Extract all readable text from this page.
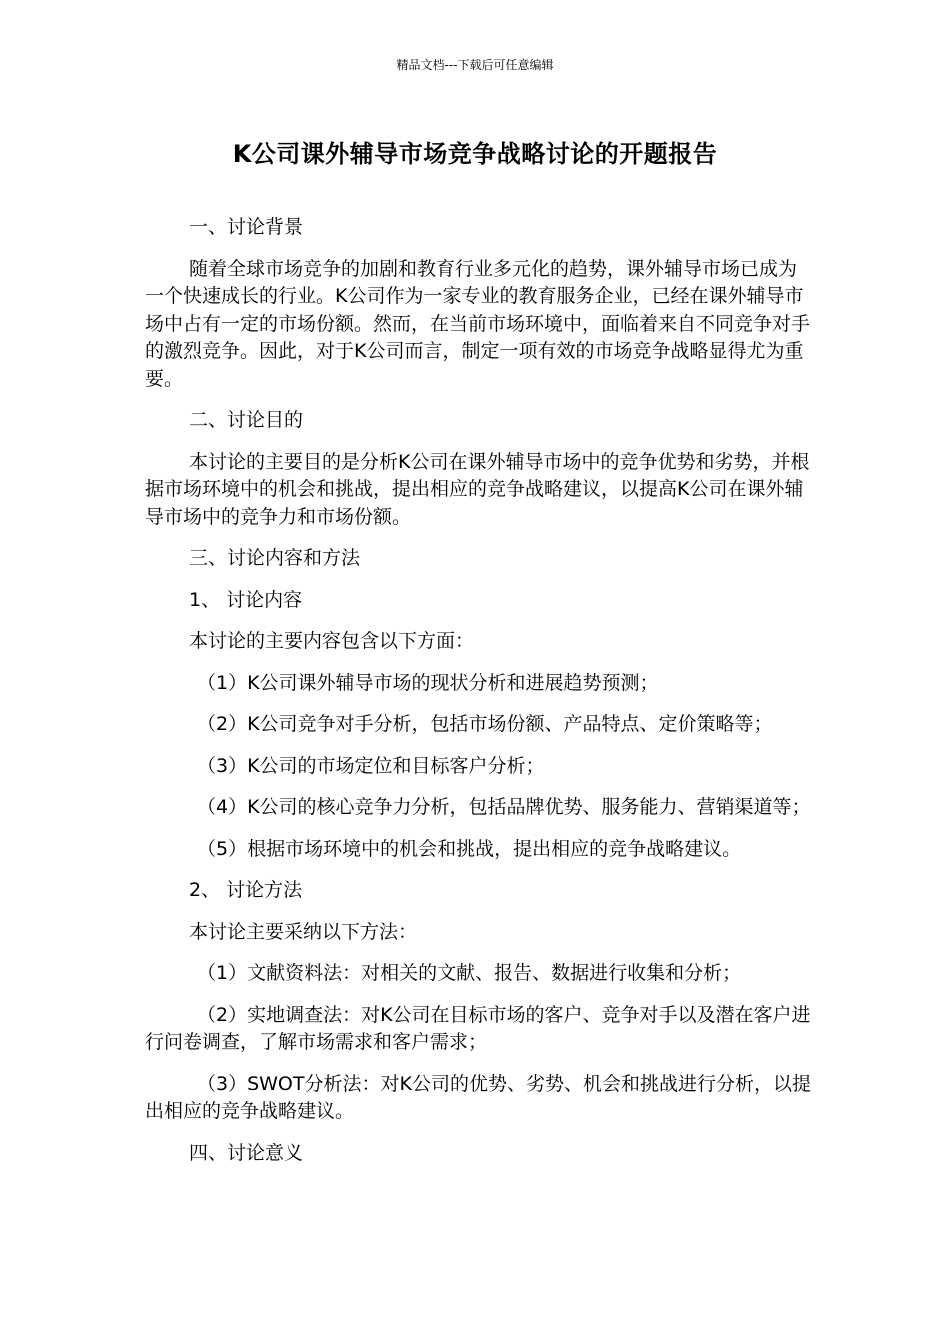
精品文档---下载后可任意编辑
K公司课外辅导市场竞争战略讨论的开题报告

一、讨论背景

随着全球市场竞争的加剧和教育行业多元化的趋势，课外辅导市场已成为一个快速成长的行业。K公司作为一家专业的教育服务企业，已经在课外辅导市场中占有一定的市场份额。然而，在当前市场环境中，面临着来自不同竞争对手的激烈竞争。因此，对于K公司而言，制定一项有效的市场竞争战略显得尤为重要。

二、讨论目的

本讨论的主要目的是分析K公司在课外辅导市场中的竞争优势和劣势，并根据市场环境中的机会和挑战，提出相应的竞争战略建议，以提高K公司在课外辅导市场中的竞争力和市场份额。

三、讨论内容和方法

1、 讨论内容

本讨论的主要内容包含以下方面：

（1）K公司课外辅导市场的现状分析和进展趋势预测；

（2）K公司竞争对手分析，包括市场份额、产品特点、定价策略等；

（3）K公司的市场定位和目标客户分析；

（4）K公司的核心竞争力分析，包括品牌优势、服务能力、营销渠道等；

（5）根据市场环境中的机会和挑战，提出相应的竞争战略建议。

2、 讨论方法

本讨论主要采纳以下方法：

（1）文献资料法：对相关的文献、报告、数据进行收集和分析；

（2）实地调查法：对K公司在目标市场的客户、竞争对手以及潜在客户进行问卷调查，了解市场需求和客户需求；

（3）SWOT分析法：对K公司的优势、劣势、机会和挑战进行分析，以提出相应的竞争战略建议。

四、讨论意义
